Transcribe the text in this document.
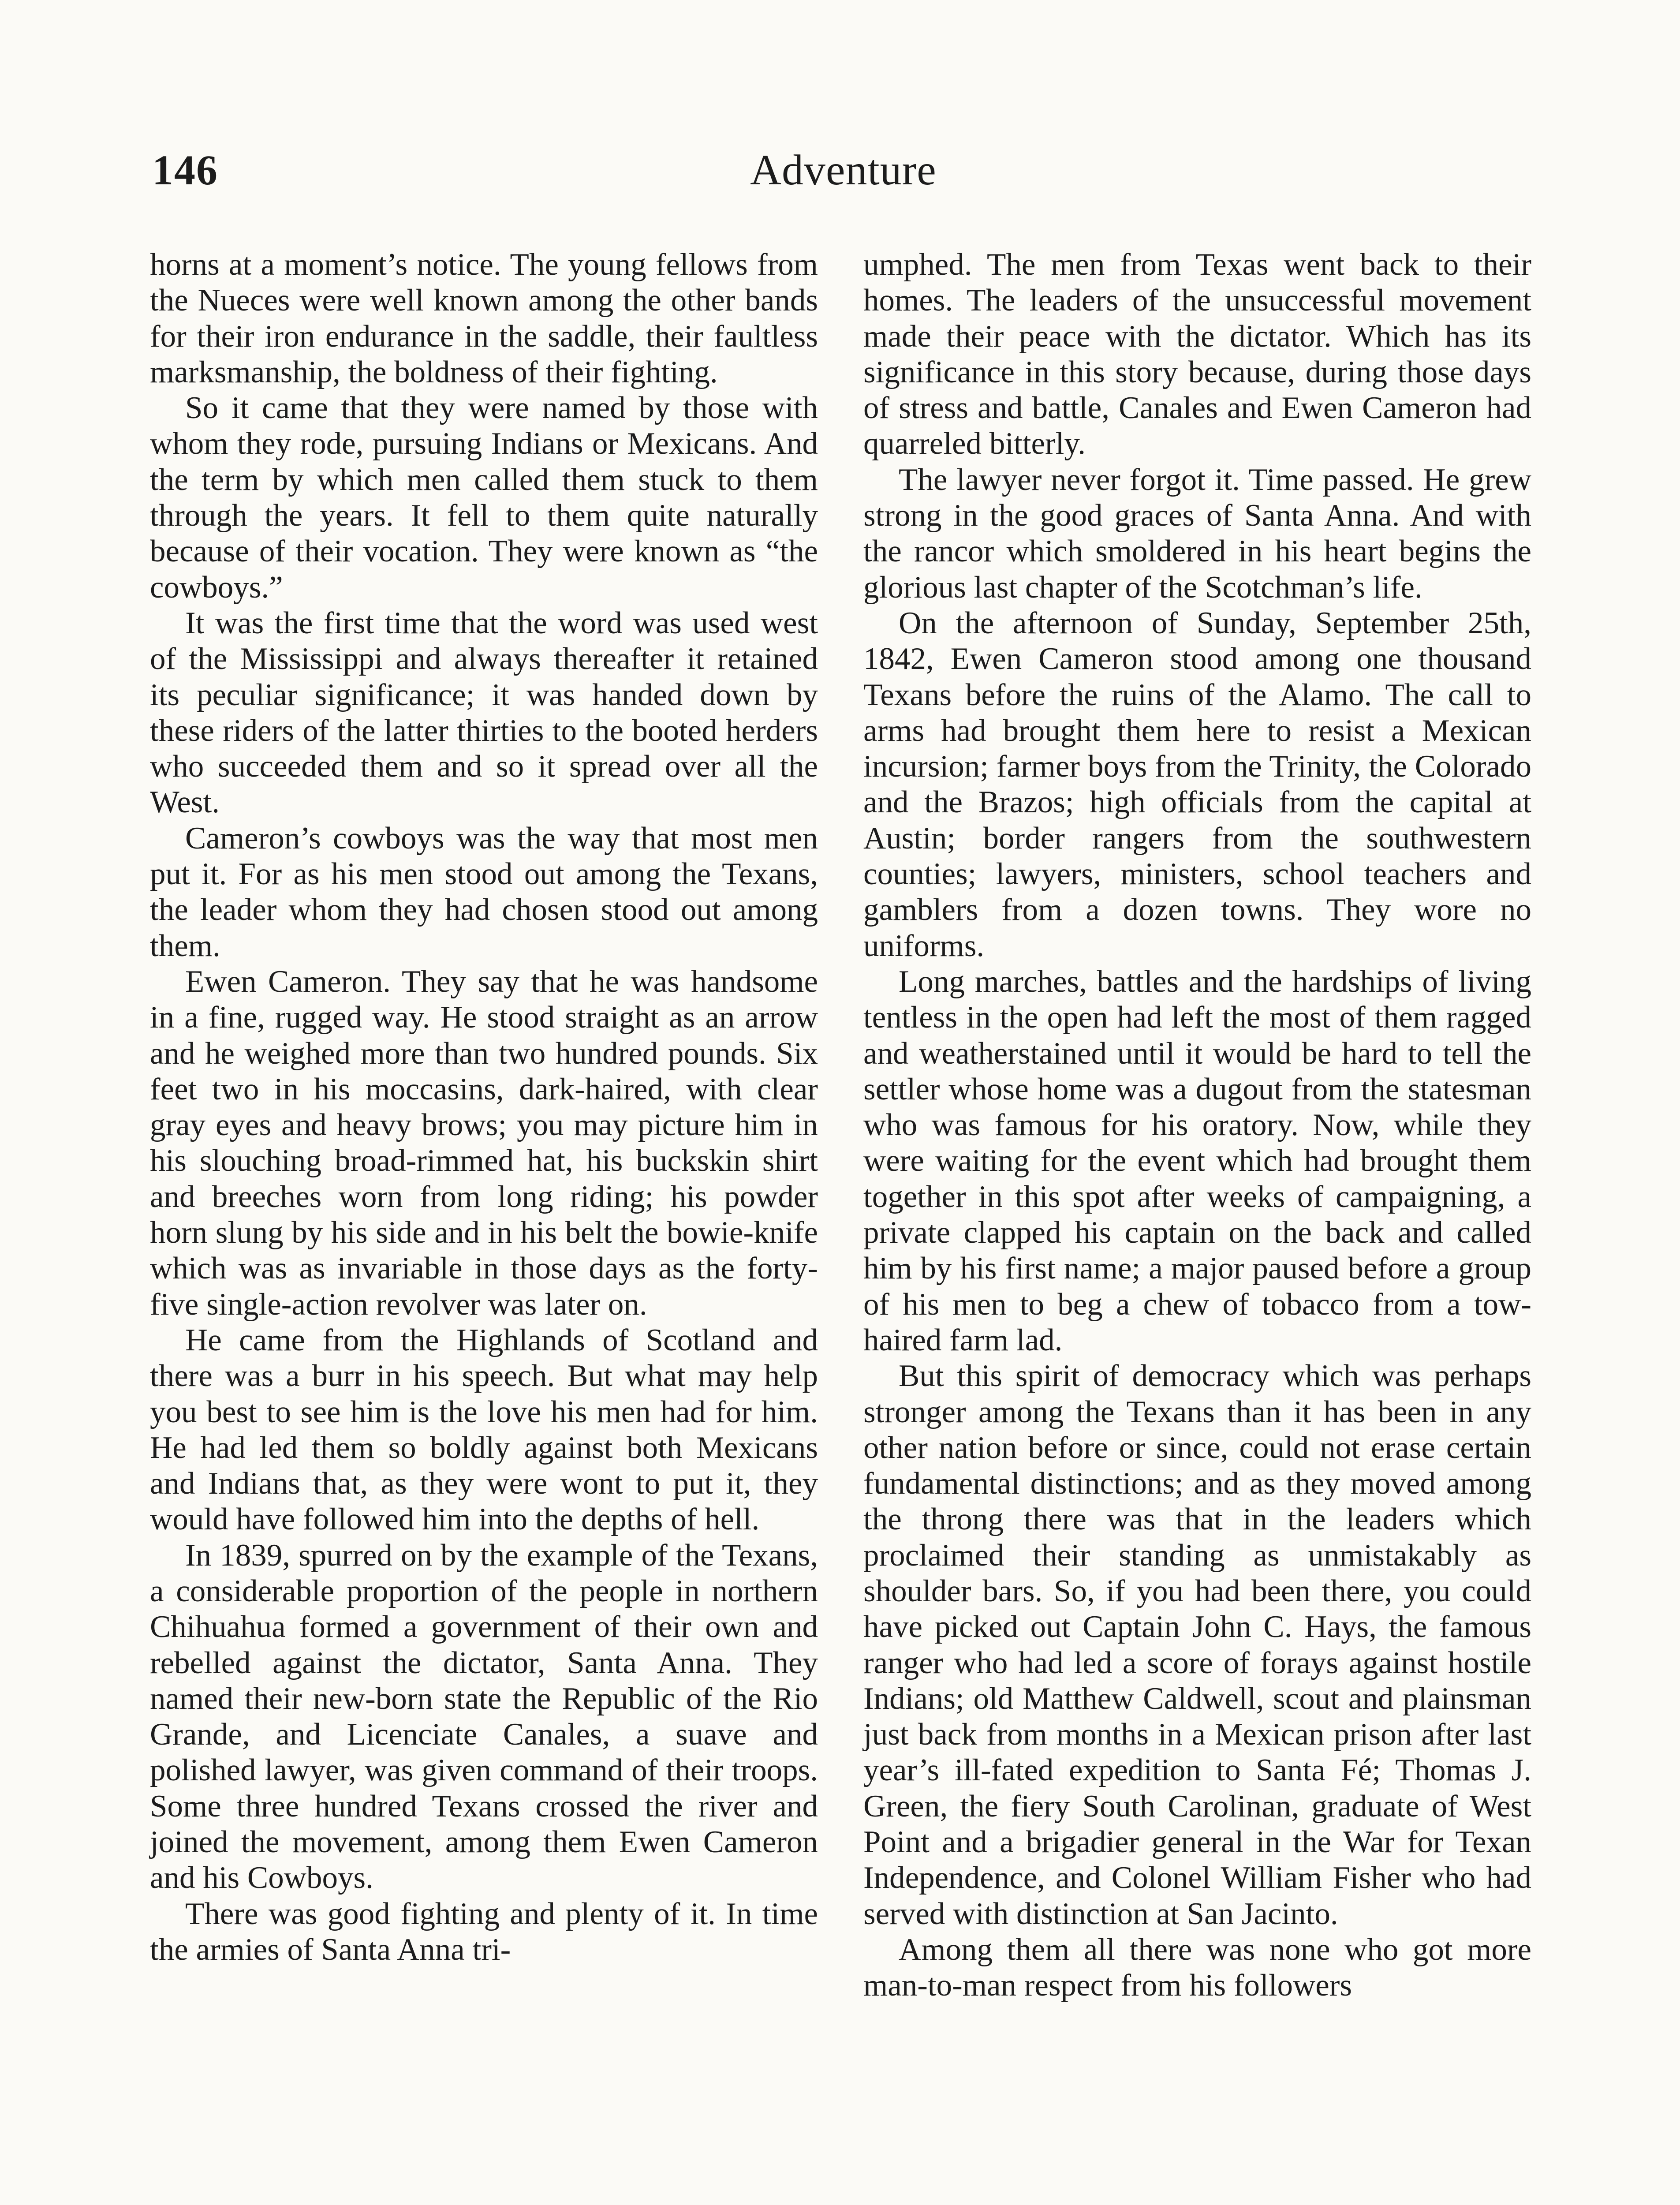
146	Adventure

horns at a moment’s notice. The young fellows from the Nueces were well known among the other bands for their iron endurance in the saddle, their faultless marksmanship, the boldness of their fighting.

So it came that they were named by those with whom they rode, pursuing Indians or Mexicans. And the term by which men called them stuck to them through the years. It fell to them quite naturally because of their vocation. They were known as “the cowboys.”

It was the first time that the word was used west of the Mississippi and always thereafter it retained its peculiar significance; it was handed down by these riders of the latter thirties to the booted herders who succeeded them and so it spread over all the West.

Cameron’s cowboys was the way that most men put it. For as his men stood out among the Texans, the leader whom they had chosen stood out among them.

Ewen Cameron. They say that he was handsome in a fine, rugged way. He stood straight as an arrow and he weighed more than two hundred pounds. Six feet two in his moccasins, dark-haired, with clear gray eyes and heavy brows; you may picture him in his slouching broad-rimmed hat, his buckskin shirt and breeches worn from long riding; his powder horn slung by his side and in his belt the bowie-knife which was as invariable in those days as the forty-five single-action revolver was later on.

He came from the Highlands of Scotland and there was a burr in his speech. But what may help you best to see him is the love his men had for him. He had led them so boldly against both Mexicans and Indians that, as they were wont to put it, they would have followed him into the depths of hell.

In 1839, spurred on by the example of the Texans, a considerable proportion of the people in northern Chihuahua formed a government of their own and rebelled against the dictator, Santa Anna. They named their new-born state the Republic of the Rio Grande, and Licenciate Canales, a suave and polished lawyer, was given command of their troops. Some three hundred Texans crossed the river and joined the movement, among them Ewen Cameron and his Cowboys.

There was good fighting and plenty of it. In time the armies of Santa Anna tri-

umphed. The men from Texas went back to their homes. The leaders of the unsuccessful movement made their peace with the dictator. Which has its significance in this story because, during those days of stress and battle, Canales and Ewen Cameron had quarreled bitterly.

The lawyer never forgot it. Time passed. He grew strong in the good graces of Santa Anna. And with the rancor which smoldered in his heart begins the glorious last chapter of the Scotchman’s life.

On the afternoon of Sunday, September 25th, 1842, Ewen Cameron stood among one thousand Texans before the ruins of the Alamo. The call to arms had brought them here to resist a Mexican incursion; farmer boys from the Trinity, the Colorado and the Brazos; high officials from the capital at Austin; border rangers from the southwestern counties; lawyers, ministers, school teachers and gamblers from a dozen towns. They wore no uniforms.

Long marches, battles and the hardships of living tentless in the open had left the most of them ragged and weatherstained until it would be hard to tell the settler whose home was a dugout from the statesman who was famous for his oratory. Now, while they were waiting for the event which had brought them together in this spot after weeks of campaigning, a private clapped his captain on the back and called him by his first name; a major paused before a group of his men to beg a chew of tobacco from a tow-haired farm lad.

But this spirit of democracy which was perhaps stronger among the Texans than it has been in any other nation before or since, could not erase certain fundamental distinctions; and as they moved among the throng there was that in the leaders which proclaimed their standing as unmistakably as shoulder bars. So, if you had been there, you could have picked out Captain John C. Hays, the famous ranger who had led a score of forays against hostile Indians; old Matthew Caldwell, scout and plainsman just back from months in a Mexican prison after last year’s ill-fated expedition to Santa Fé; Thomas J. Green, the fiery South Carolinan, graduate of West Point and a brigadier general in the War for Texan Independence, and Colonel William Fisher who had served with distinction at San Jacinto.

Among them all there was none who got more man-to-man respect from his followers
